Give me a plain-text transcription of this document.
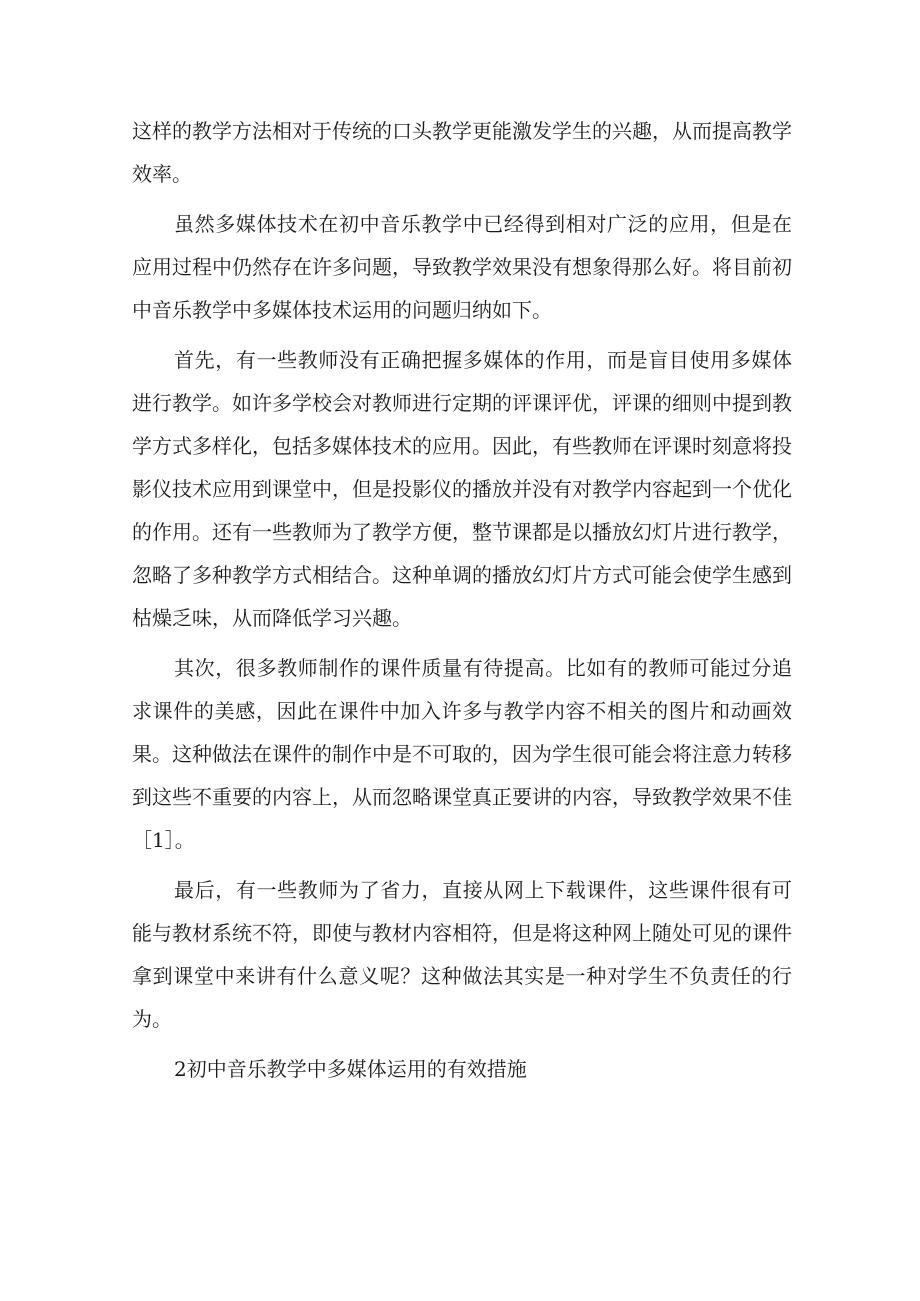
这样的教学方法相对于传统的口头教学更能激发学生的兴趣，从而提高教学效率。

虽然多媒体技术在初中音乐教学中已经得到相对广泛的应用，但是在应用过程中仍然存在许多问题，导致教学效果没有想象得那么好。将目前初中音乐教学中多媒体技术运用的问题归纳如下。

首先，有一些教师没有正确把握多媒体的作用，而是盲目使用多媒体进行教学。如许多学校会对教师进行定期的评课评优，评课的细则中提到教学方式多样化，包括多媒体技术的应用。因此，有些教师在评课时刻意将投影仪技术应用到课堂中，但是投影仪的播放并没有对教学内容起到一个优化的作用。还有一些教师为了教学方便，整节课都是以播放幻灯片进行教学，忽略了多种教学方式相结合。这种单调的播放幻灯片方式可能会使学生感到枯燥乏味，从而降低学习兴趣。

其次，很多教师制作的课件质量有待提高。比如有的教师可能过分追求课件的美感，因此在课件中加入许多与教学内容不相关的图片和动画效果。这种做法在课件的制作中是不可取的，因为学生很可能会将注意力转移到这些不重要的内容上，从而忽略课堂真正要讲的内容，导致教学效果不佳［1］。

最后，有一些教师为了省力，直接从网上下载课件，这些课件很有可能与教材系统不符，即使与教材内容相符，但是将这种网上随处可见的课件拿到课堂中来讲有什么意义呢？这种做法其实是一种对学生不负责任的行为。

2初中音乐教学中多媒体运用的有效措施
